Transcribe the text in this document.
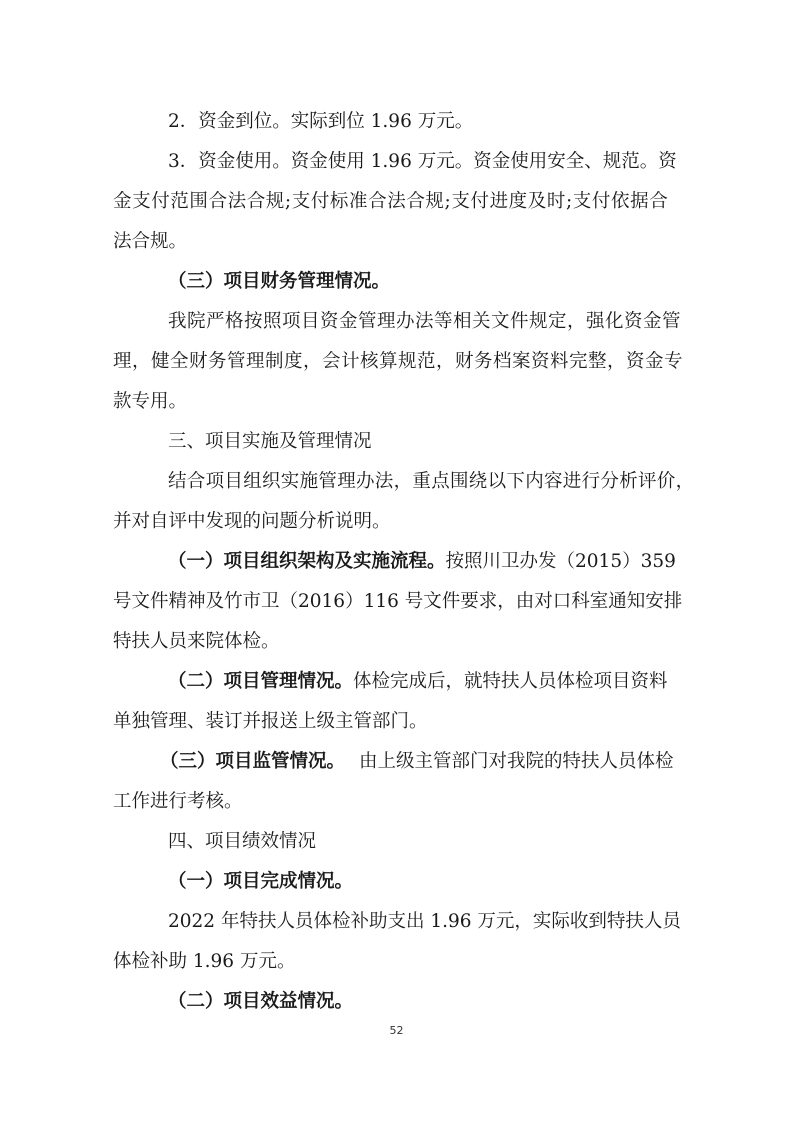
2．资金到位。实际到位 1.96 万元。
3．资金使用。资金使用 1.96 万元。资金使用安全、规范。资
金支付范围合法合规;支付标准合法合规;支付进度及时;支付依据合
法合规。
（三）项目财务管理情况。
我院严格按照项目资金管理办法等相关文件规定，强化资金管
理，健全财务管理制度，会计核算规范，财务档案资料完整，资金专
款专用。
三、项目实施及管理情况
结合项目组织实施管理办法，重点围绕以下内容进行分析评价，
并对自评中发现的问题分析说明。
（一）项目组织架构及实施流程。按照川卫办发（2015）359
号文件精神及竹市卫（2016）116 号文件要求，由对口科室通知安排
特扶人员来院体检。
（二）项目管理情况。体检完成后，就特扶人员体检项目资料
单独管理、装订并报送上级主管部门。
（三）项目监管情况。 由上级主管部门对我院的特扶人员体检
工作进行考核。
四、项目绩效情况
（一）项目完成情况。
2022 年特扶人员体检补助支出 1.96 万元，实际收到特扶人员
体检补助 1.96 万元。
（二）项目效益情况。
52
